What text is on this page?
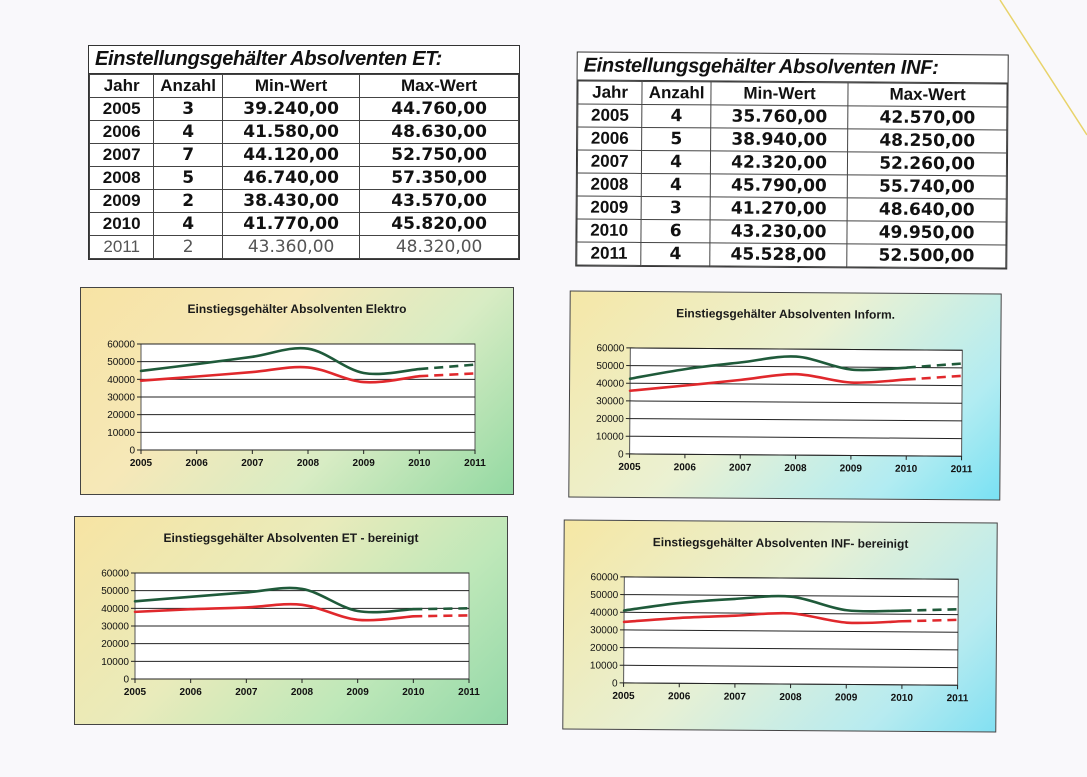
Einstellungsgehälter Absolventen ET:
Jahr	Anzahl	Min-Wert	Max-Wert
2005	3	39.240,00	44.760,00
2006	4	41.580,00	48.630,00
2007	7	44.120,00	52.750,00
2008	5	46.740,00	57.350,00
2009	2	38.430,00	43.570,00
2010	4	41.770,00	45.820,00
2011	2	43.360,00	48.320,00
Einstellungsgehälter Absolventen INF:
Jahr	Anzahl	Min-Wert	Max-Wert
2005	4	35.760,00	42.570,00
2006	5	38.940,00	48.250,00
2007	4	42.320,00	52.260,00
2008	4	45.790,00	55.740,00
2009	3	41.270,00	48.640,00
2010	6	43.230,00	49.950,00
2011	4	45.528,00	52.500,00
Einstiegsgehälter Absolventen Elektro
0
10000
20000
30000
40000
50000
60000
2005	2006	2007	2008	2009	2010	2011
Einstiegsgehälter Absolventen Inform.
0
10000
20000
30000
40000
50000
60000
2005	2006	2007	2008	2009	2010	2011
Einstiegsgehälter Absolventen ET - bereinigt
0
10000
20000
30000
40000
50000
60000
2005	2006	2007	2008	2009	2010	2011
Einstiegsgehälter Absolventen INF- bereinigt
0
10000
20000
30000
40000
50000
60000
2005	2006	2007	2008	2009	2010	2011
